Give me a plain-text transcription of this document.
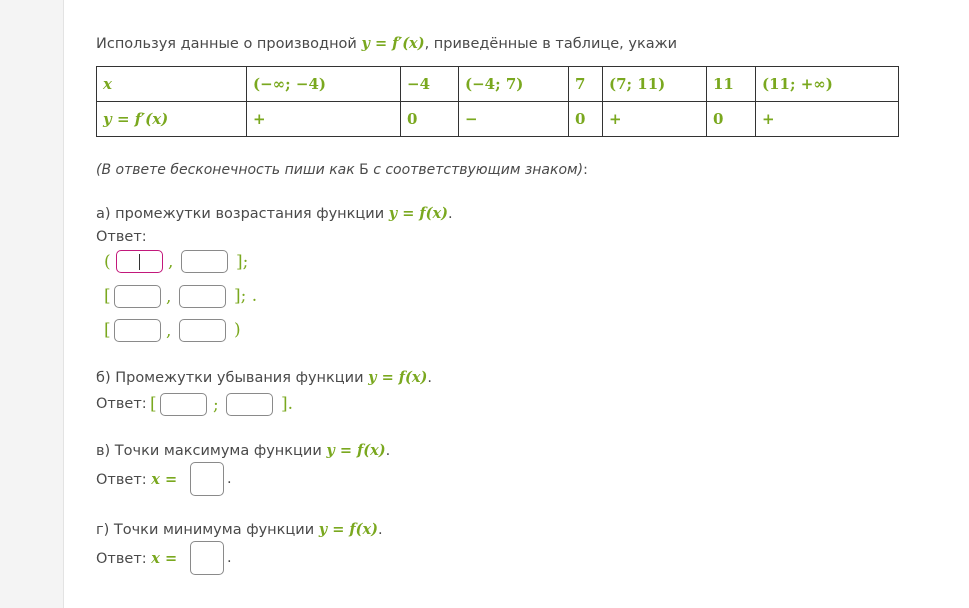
Используя данные о производной y = f′(x), приведённые в таблице, укажи
x	(−∞; −4)	−4	(−4; 7)	7	(7; 11)	11	(11; +∞)
y = f′(x)	+	0	−	0	+	0	+
(В ответе бесконечность пиши как Б с соответствующим знаком):
а) промежутки возрастания функции y = f(x).
Ответ:
(	,	];
[	,	]; .
[	,	)
б) Промежутки убывания функции y = f(x).
Ответ: [	;	].
в) Точки максимума функции y = f(x).
Ответ: x =	.
г) Точки минимума функции y = f(x).
Ответ: x =	.
